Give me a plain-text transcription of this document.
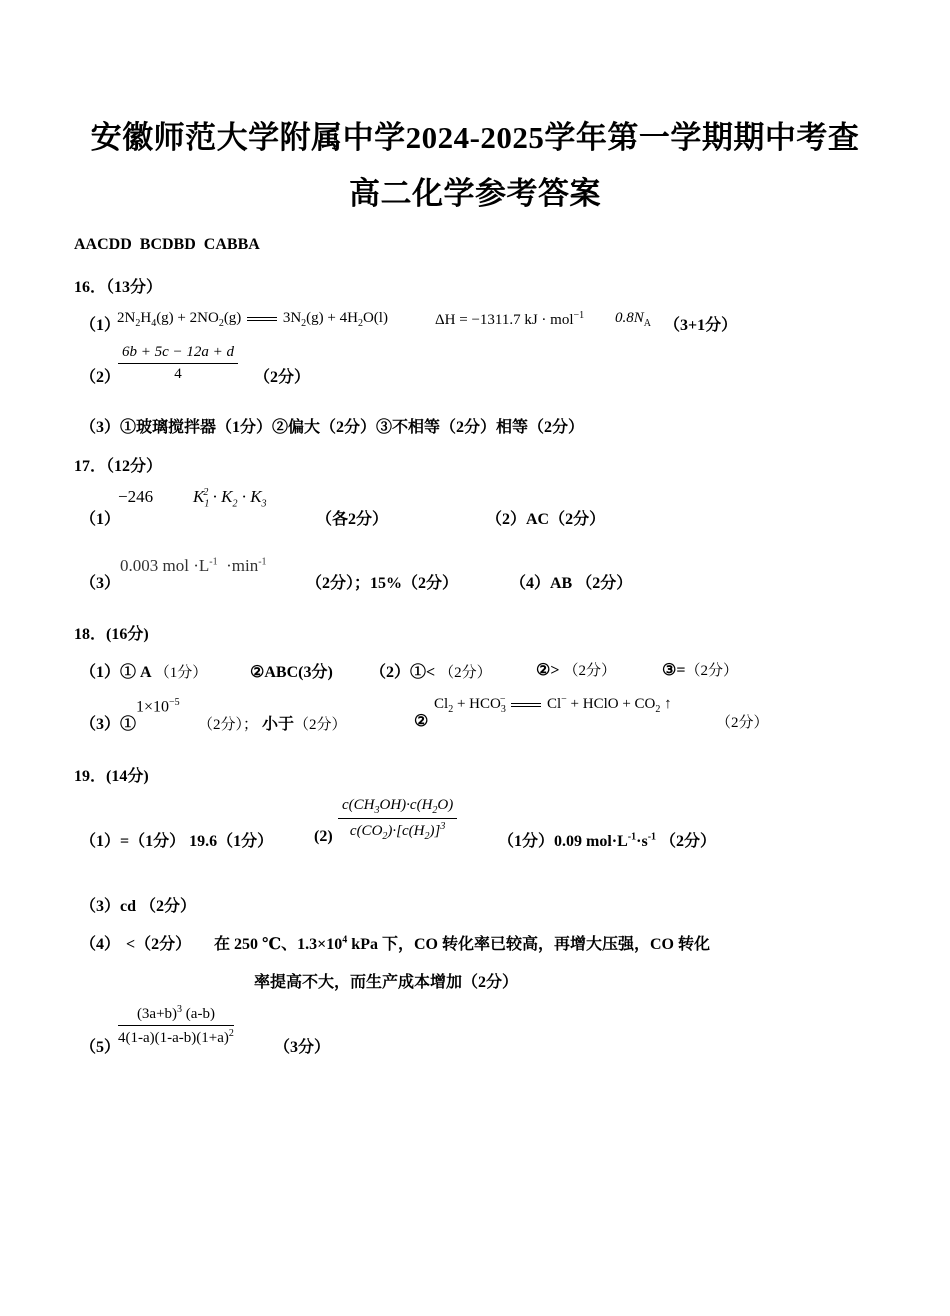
安徽师范大学附属中学2024-2025学年第一学期期中考查
高二化学参考答案
AACDD  BCDBD  CABBA
16．（13分）
（1）
$2N_2H_4(g) + 2NO_2(g) 3N_2(g) + 4H_2O(l)$	ΔH = −1311.7 kJ · mol$^{-1}$ $0.8N_A$ （3+1分）
（2）
$\frac{6b + 5c - 12a + d}{4} (2$分）
（3）①玻璃搅拌器（1分）②偏大（2分）③不相等（2分）相等（2分）
17．（12分）
（1）
−246 $K_1^2 \cdot K_2 \cdot K_3$
（各2分）	（2）AC（2分）
（3）
0.003 mol $\cdot L^{-1} \cdot\min^{-1}$
（2分）；15%（2分）	（4）AB （2分）
18．(16分)
（1）① A （1分）	②ABC(3分) （2）①< （2分）	②> （2分）	③=（2分）
（3）①
$1\times 10^{-5}$
（2分）； 小于（2分）	②
$Cl_2 + HCO_3^-$	Cl− + HClO + $CO_2$ ↑
（2分）
19．(14分)
（1）=（1分） 19.6（1分）	$(2) \frac{c(CH_3OH)\cdot c(H_2O)}{c(CO_2)\cdot[c(H_2)]^3}$	（1分）0.09 $mol\cdot L^{-1}\cdot s^{-1}$ （2分）
（3）cd （2分）
（4） <（2分） 在 250 ℃、$1.3\times 10^4$ kPa 下，CO 转化率已较高，再增大压强，CO 转化
率提高不大，而生产成本增加（2分）
（5）
$\frac{(3a+b)^3 (a-b)}{4(1-a)(1-a-b)(1+a)^2}$
（3分）
